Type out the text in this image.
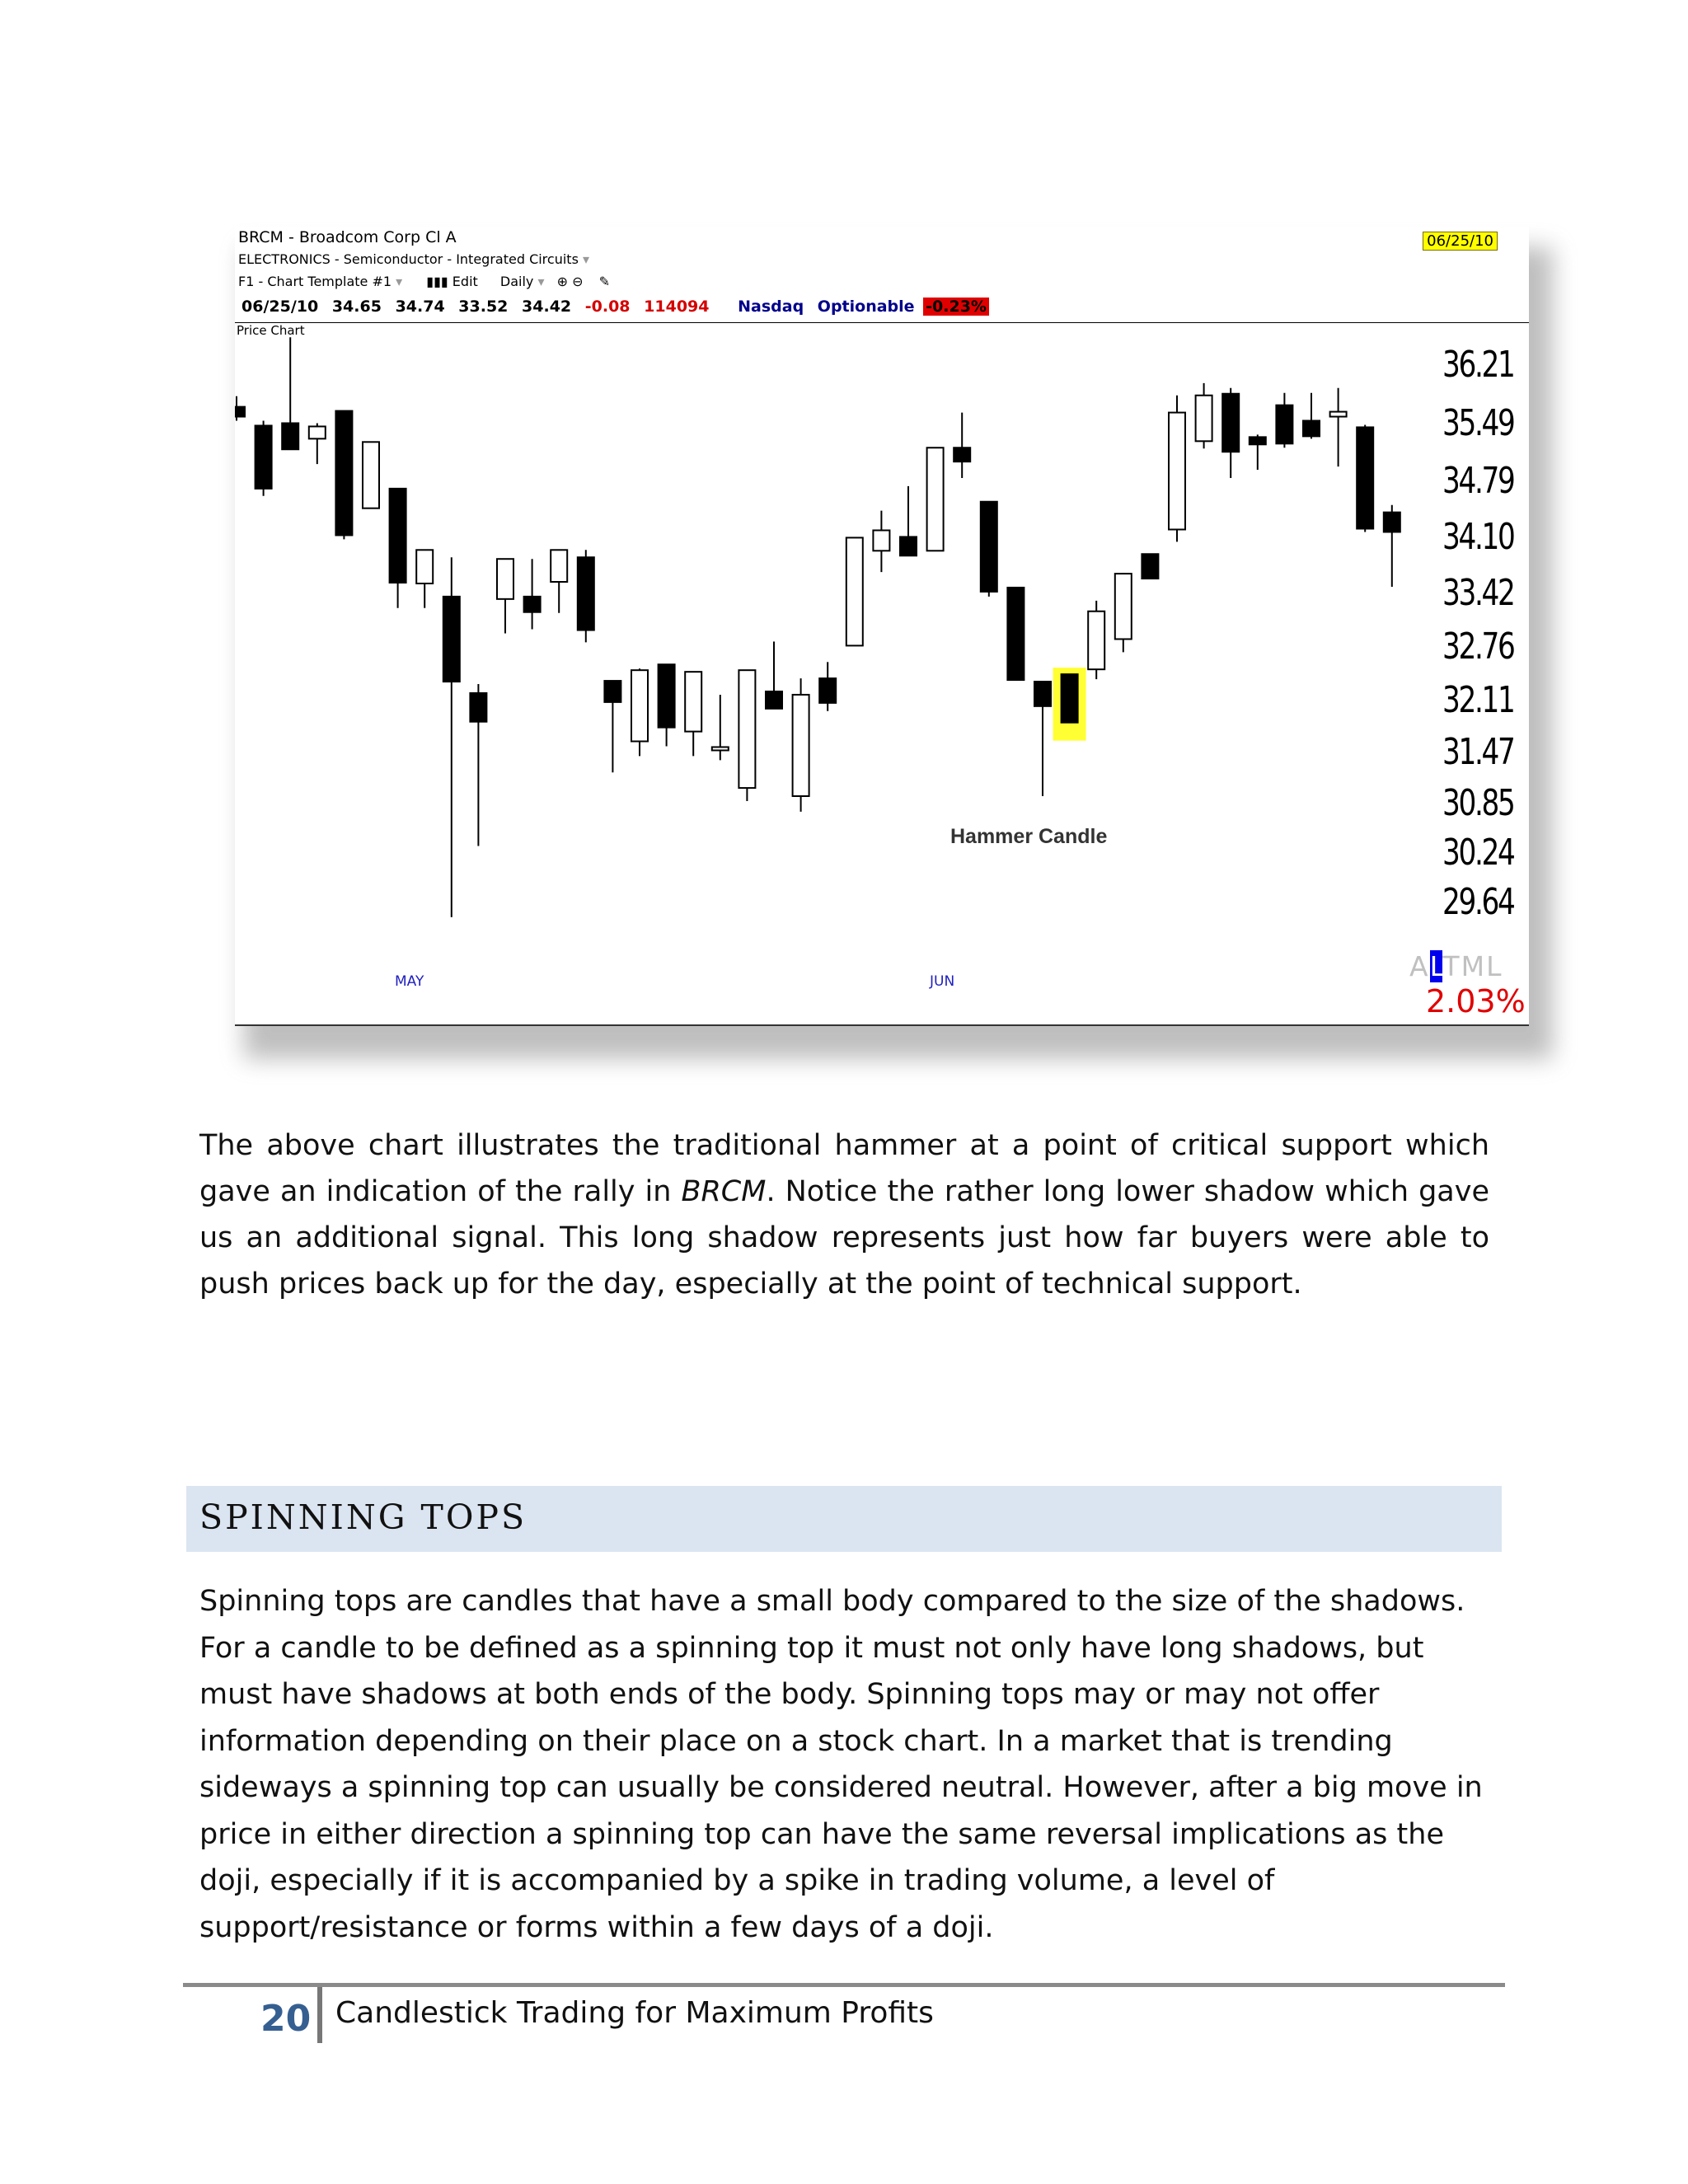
BRCM - Broadcom Corp Cl A
ELECTRONICS - Semiconductor - Integrated Circuits ▾
F1 - Chart Template #1 ▾ ▮▮▮ Edit Daily ▾ ⊕ ⊖ ✎
06/25/10
06/25/10 34.65 34.74 33.52 34.42 -0.08 114094 Nasdaq Optionable -0.23%
Price Chart
36.21
35.49
34.79
34.10
33.42
32.76
32.11
31.47
30.85
30.24
29.64
Hammer Candle
MAY	JUN	ALTML
2.03%
The above chart illustrates the traditional hammer at a point of critical support which gave an indication of the rally in BRCM. Notice the rather long lower shadow which gave us an additional signal. This long shadow represents just how far buyers were able to push prices back up for the day, especially at the point of technical support.
SPINNING TOPS
Spinning tops are candles that have a small body compared to the size of the shadows. For a candle to be defined as a spinning top it must not only have long shadows, but must have shadows at both ends of the body. Spinning tops may or may not offer information depending on their place on a stock chart. In a market that is trending sideways a spinning top can usually be considered neutral. However, after a big move in price in either direction a spinning top can have the same reversal implications as the doji, especially if it is accompanied by a spike in trading volume, a level of support/resistance or forms within a few days of a doji.
20 Candlestick Trading for Maximum Profits
